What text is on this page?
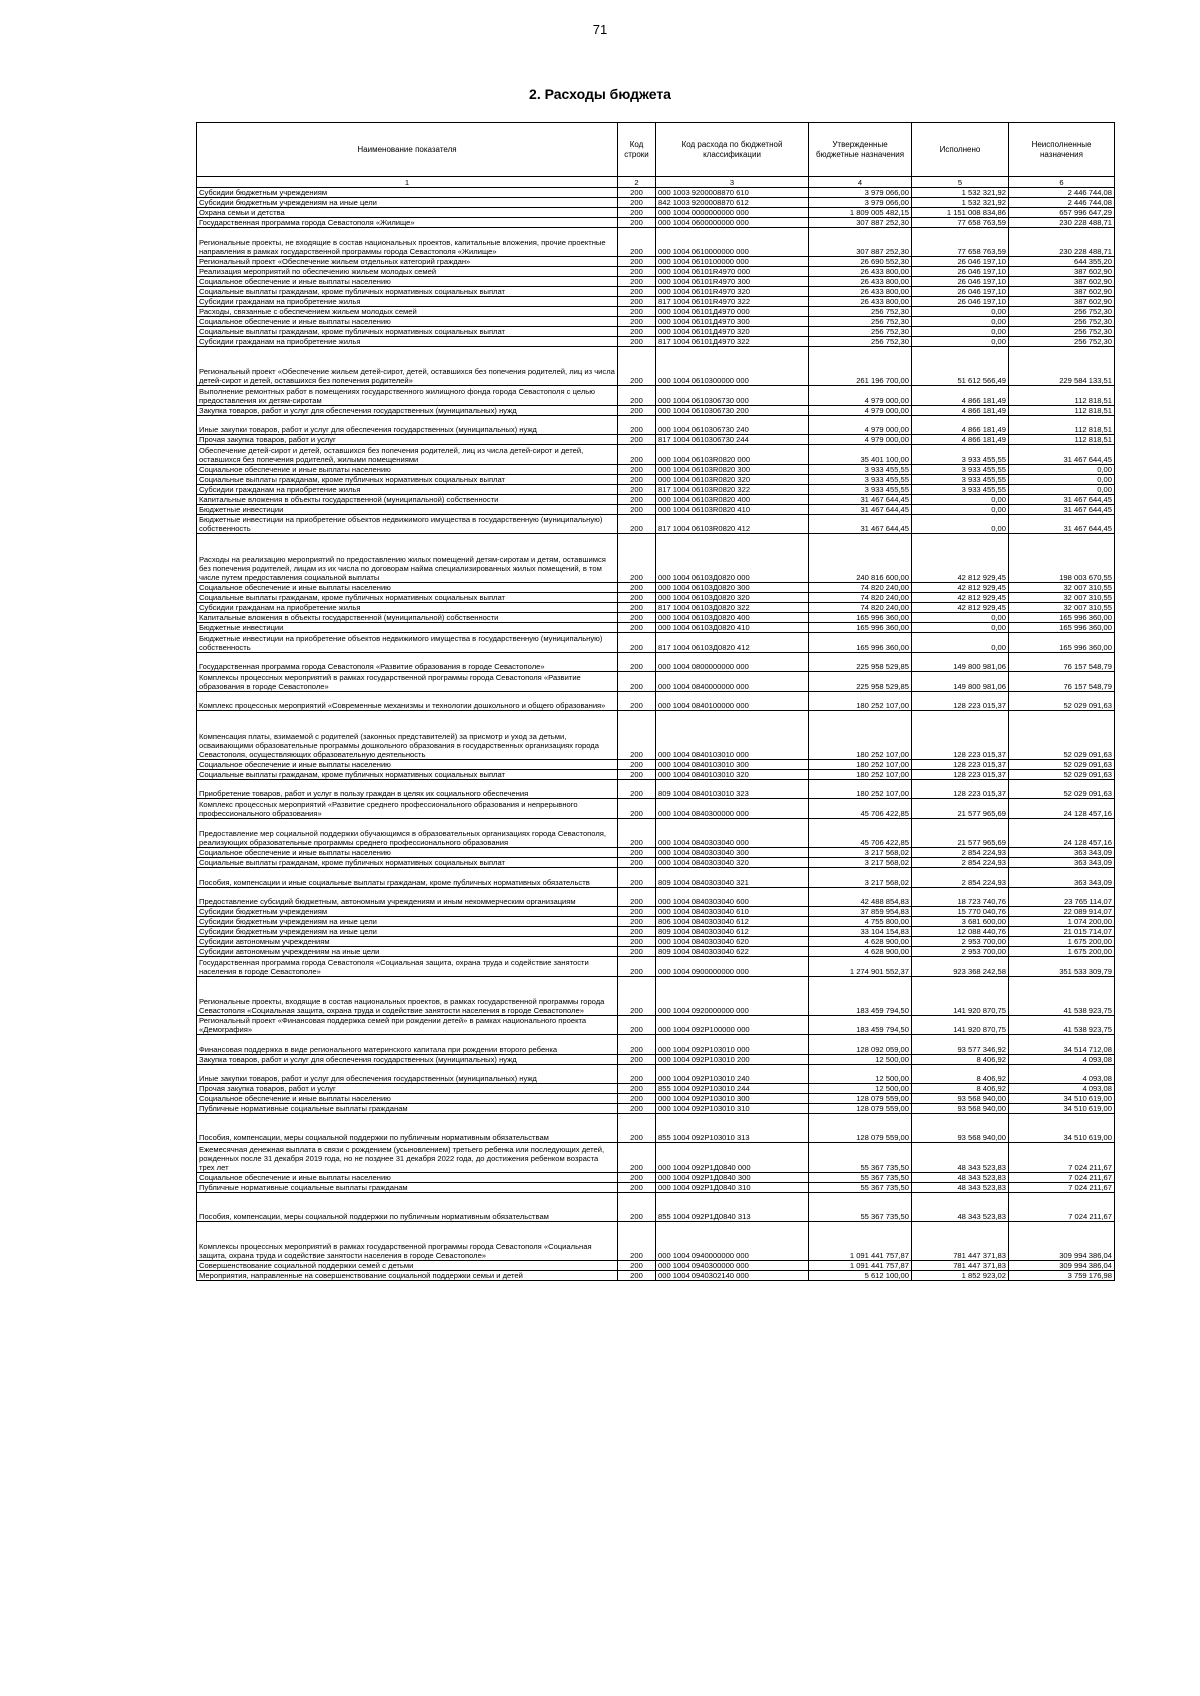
71
2. Расходы бюджета
Наименование показателя	Код строки	Код расхода по бюджетной классификации	Утвержденные бюджетные назначения	Исполнено	Неисполненные назначения
1	2	3	4	5	6
Субсидии бюджетным учреждениям	200	000 1003 9200008870 610	3 979 066,00	1 532 321,92	2 446 744,08
Субсидии бюджетным учреждениям на иные цели	200	842 1003 9200008870 612	3 979 066,00	1 532 321,92	2 446 744,08
Охрана семьи и детства	200	000 1004 0000000000 000	1 809 005 482,15	1 151 008 834,86	657 996 647,29
Государственная программа города Севастополя «Жилище»	200	000 1004 0600000000 000	307 887 252,30	77 658 763,59	230 228 488,71
Региональные проекты, не входящие в состав национальных проектов, капитальные вложения, прочие проектные направления в рамках государственной программы города Севастополя «Жилище»	200	000 1004 0610000000 000	307 887 252,30	77 658 763,59	230 228 488,71
Региональный проект «Обеспечение жильем отдельных категорий граждан»	200	000 1004 0610100000 000	26 690 552,30	26 046 197,10	644 355,20
Реализация мероприятий по обеспечению жильем молодых семей	200	000 1004 06101R4970 000	26 433 800,00	26 046 197,10	387 602,90
Социальное обеспечение и иные выплаты населению	200	000 1004 06101R4970 300	26 433 800,00	26 046 197,10	387 602,90
Социальные выплаты гражданам, кроме публичных нормативных социальных выплат	200	000 1004 06101R4970 320	26 433 800,00	26 046 197,10	387 602,90
Субсидии гражданам на приобретение жилья	200	817 1004 06101R4970 322	26 433 800,00	26 046 197,10	387 602,90
Расходы, связанные с обеспечением жильем молодых семей	200	000 1004 06101Д4970 000	256 752,30	0,00	256 752,30
Социальное обеспечение и иные выплаты населению	200	000 1004 06101Д4970 300	256 752,30	0,00	256 752,30
Социальные выплаты гражданам, кроме публичных нормативных социальных выплат	200	000 1004 06101Д4970 320	256 752,30	0,00	256 752,30
Субсидии гражданам на приобретение жилья	200	817 1004 06101Д4970 322	256 752,30	0,00	256 752,30
Региональный проект «Обеспечение жильем детей-сирот, детей, оставшихся без попечения родителей, лиц из числа детей-сирот и детей, оставшихся без попечения родителей»	200	000 1004 0610300000 000	261 196 700,00	51 612 566,49	229 584 133,51
Выполнение ремонтных работ в помещениях государственного жилищного фонда города Севастополя с целью предоставления их детям-сиротам	200	000 1004 0610306730 000	4 979 000,00	4 866 181,49	112 818,51
Закупка товаров, работ и услуг для обеспечения государственных (муниципальных) нужд	200	000 1004 0610306730 200	4 979 000,00	4 866 181,49	112 818,51
Иные закупки товаров, работ и услуг для обеспечения государственных (муниципальных) нужд	200	000 1004 0610306730 240	4 979 000,00	4 866 181,49	112 818,51
Прочая закупка товаров, работ и услуг	200	817 1004 0610306730 244	4 979 000,00	4 866 181,49	112 818,51
Обеспечение детей-сирот и детей, оставшихся без попечения родителей, лиц из числа детей-сирот и детей, оставшихся без попечения родителей, жилыми помещениями	200	000 1004 06103R0820 000	35 401 100,00	3 933 455,55	31 467 644,45
Социальное обеспечение и иные выплаты населению	200	000 1004 06103R0820 300	3 933 455,55	3 933 455,55	0,00
Социальные выплаты гражданам, кроме публичных нормативных социальных выплат	200	000 1004 06103R0820 320	3 933 455,55	3 933 455,55	0,00
Субсидии гражданам на приобретение жилья	200	817 1004 06103R0820 322	3 933 455,55	3 933 455,55	0,00
Капитальные вложения в объекты государственной (муниципальной) собственности	200	000 1004 06103R0820 400	31 467 644,45	0,00	31 467 644,45
Бюджетные инвестиции	200	000 1004 06103R0820 410	31 467 644,45	0,00	31 467 644,45
Бюджетные инвестиции на приобретение объектов недвижимого имущества в государственную (муниципальную) собственность	200	817 1004 06103R0820 412	31 467 644,45	0,00	31 467 644,45
Расходы на реализацию мероприятий по предоставлению жилых помещений детям-сиротам и детям, оставшимся без попечения родителей, лицам из их числа по договорам найма специализированных жилых помещений, в том числе путем предоставления социальной выплаты	200	000 1004 06103Д0820 000	240 816 600,00	42 812 929,45	198 003 670,55
Социальное обеспечение и иные выплаты населению	200	000 1004 06103Д0820 300	74 820 240,00	42 812 929,45	32 007 310,55
Социальные выплаты гражданам, кроме публичных нормативных социальных выплат	200	000 1004 06103Д0820 320	74 820 240,00	42 812 929,45	32 007 310,55
Субсидии гражданам на приобретение жилья	200	817 1004 06103Д0820 322	74 820 240,00	42 812 929,45	32 007 310,55
Капитальные вложения в объекты государственной (муниципальной) собственности	200	000 1004 06103Д0820 400	165 996 360,00	0,00	165 996 360,00
Бюджетные инвестиции	200	000 1004 06103Д0820 410	165 996 360,00	0,00	165 996 360,00
Бюджетные инвестиции на приобретение объектов недвижимого имущества в государственную (муниципальную) собственность	200	817 1004 06103Д0820 412	165 996 360,00	0,00	165 996 360,00
Государственная программа города Севастополя «Развитие образования в городе Севастополе»	200	000 1004 0800000000 000	225 958 529,85	149 800 981,06	76 157 548,79
Комплексы процессных мероприятий в рамках государственной программы города Севастополя «Развитие образования в городе Севастополе»	200	000 1004 0840000000 000	225 958 529,85	149 800 981,06	76 157 548,79
Комплекс процессных мероприятий «Современные механизмы и технологии дошкольного и общего образования»	200	000 1004 0840100000 000	180 252 107,00	128 223 015,37	52 029 091,63
Компенсация платы, взимаемой с родителей (законных представителей) за присмотр и уход за детьми, осваивающими образовательные программы дошкольного образования в государственных организациях города Севастополя, осуществляющих образовательную деятельность	200	000 1004 0840103010 000	180 252 107,00	128 223 015,37	52 029 091,63
Социальное обеспечение и иные выплаты населению	200	000 1004 0840103010 300	180 252 107,00	128 223 015,37	52 029 091,63
Социальные выплаты гражданам, кроме публичных нормативных социальных выплат	200	000 1004 0840103010 320	180 252 107,00	128 223 015,37	52 029 091,63
Приобретение товаров, работ и услуг в пользу граждан в целях их социального обеспечения	200	809 1004 0840103010 323	180 252 107,00	128 223 015,37	52 029 091,63
Комплекс процессных мероприятий «Развитие среднего профессионального образования и непрерывного профессионального образования»	200	000 1004 0840300000 000	45 706 422,85	21 577 965,69	24 128 457,16
Предоставление мер социальной поддержки обучающимся в образовательных организациях города Севастополя, реализующих образовательные программы среднего профессионального образования	200	000 1004 0840303040 000	45 706 422,85	21 577 965,69	24 128 457,16
Социальное обеспечение и иные выплаты населению	200	000 1004 0840303040 300	3 217 568,02	2 854 224,93	363 343,09
Социальные выплаты гражданам, кроме публичных нормативных социальных выплат	200	000 1004 0840303040 320	3 217 568,02	2 854 224,93	363 343,09
Пособия, компенсации и иные социальные выплаты гражданам, кроме публичных нормативных обязательств	200	809 1004 0840303040 321	3 217 568,02	2 854 224,93	363 343,09
Предоставление субсидий бюджетным, автономным учреждениям и иным некоммерческим организациям	200	000 1004 0840303040 600	42 488 854,83	18 723 740,76	23 765 114,07
Субсидии бюджетным учреждениям	200	000 1004 0840303040 610	37 859 954,83	15 770 040,76	22 089 914,07
Субсидии бюджетным учреждениям на иные цели	200	806 1004 0840303040 612	4 755 800,00	3 681 600,00	1 074 200,00
Субсидии бюджетным учреждениям на иные цели	200	809 1004 0840303040 612	33 104 154,83	12 088 440,76	21 015 714,07
Субсидии автономным учреждениям	200	000 1004 0840303040 620	4 628 900,00	2 953 700,00	1 675 200,00
Субсидии автономным учреждениям на иные цели	200	809 1004 0840303040 622	4 628 900,00	2 953 700,00	1 675 200,00
Государственная программа города Севастополя «Социальная защита, охрана труда и содействие занятости населения в городе Севастополе»	200	000 1004 0900000000 000	1 274 901 552,37	923 368 242,58	351 533 309,79
Региональные проекты, входящие в состав национальных проектов, в рамках государственной программы города Севастополя «Социальная защита, охрана труда и содействие занятости населения в городе Севастополе»	200	000 1004 0920000000 000	183 459 794,50	141 920 870,75	41 538 923,75
Региональный проект «Финансовая поддержка семей при рождении детей» в рамках национального проекта «Демография»	200	000 1004 092P100000 000	183 459 794,50	141 920 870,75	41 538 923,75
Финансовая поддержка в виде регионального материнского капитала при рождении второго ребенка	200	000 1004 092P103010 000	128 092 059,00	93 577 346,92	34 514 712,08
Закупка товаров, работ и услуг для обеспечения государственных (муниципальных) нужд	200	000 1004 092P103010 200	12 500,00	8 406,92	4 093,08
Иные закупки товаров, работ и услуг для обеспечения государственных (муниципальных) нужд	200	000 1004 092P103010 240	12 500,00	8 406,92	4 093,08
Прочая закупка товаров, работ и услуг	200	855 1004 092P103010 244	12 500,00	8 406,92	4 093,08
Социальное обеспечение и иные выплаты населению	200	000 1004 092P103010 300	128 079 559,00	93 568 940,00	34 510 619,00
Публичные нормативные социальные выплаты гражданам	200	000 1004 092P103010 310	128 079 559,00	93 568 940,00	34 510 619,00
Пособия, компенсации, меры социальной поддержки по публичным нормативным обязательствам	200	855 1004 092P103010 313	128 079 559,00	93 568 940,00	34 510 619,00
Ежемесячная денежная выплата в связи с рождением (усыновлением) третьего ребенка или последующих детей, рожденных после 31 декабря 2019 года, но не позднее 31 декабря 2022 года, до достижения ребенком возраста трех лет	200	000 1004 092P1Д0840 000	55 367 735,50	48 343 523,83	7 024 211,67
Социальное обеспечение и иные выплаты населению	200	000 1004 092P1Д0840 300	55 367 735,50	48 343 523,83	7 024 211,67
Публичные нормативные социальные выплаты гражданам	200	000 1004 092P1Д0840 310	55 367 735,50	48 343 523,83	7 024 211,67
Пособия, компенсации, меры социальной поддержки по публичным нормативным обязательствам	200	855 1004 092P1Д0840 313	55 367 735,50	48 343 523,83	7 024 211,67
Комплексы процессных мероприятий в рамках государственной программы города Севастополя «Социальная защита, охрана труда и содействие занятости населения в городе Севастополе»	200	000 1004 0940000000 000	1 091 441 757,87	781 447 371,83	309 994 386,04
Совершенствование социальной поддержки семей с детьми	200	000 1004 0940300000 000	1 091 441 757,87	781 447 371,83	309 994 386,04
Мероприятия, направленные на совершенствование социальной поддержки семьи и детей	200	000 1004 0940302140 000	5 612 100,00	1 852 923,02	3 759 176,98
